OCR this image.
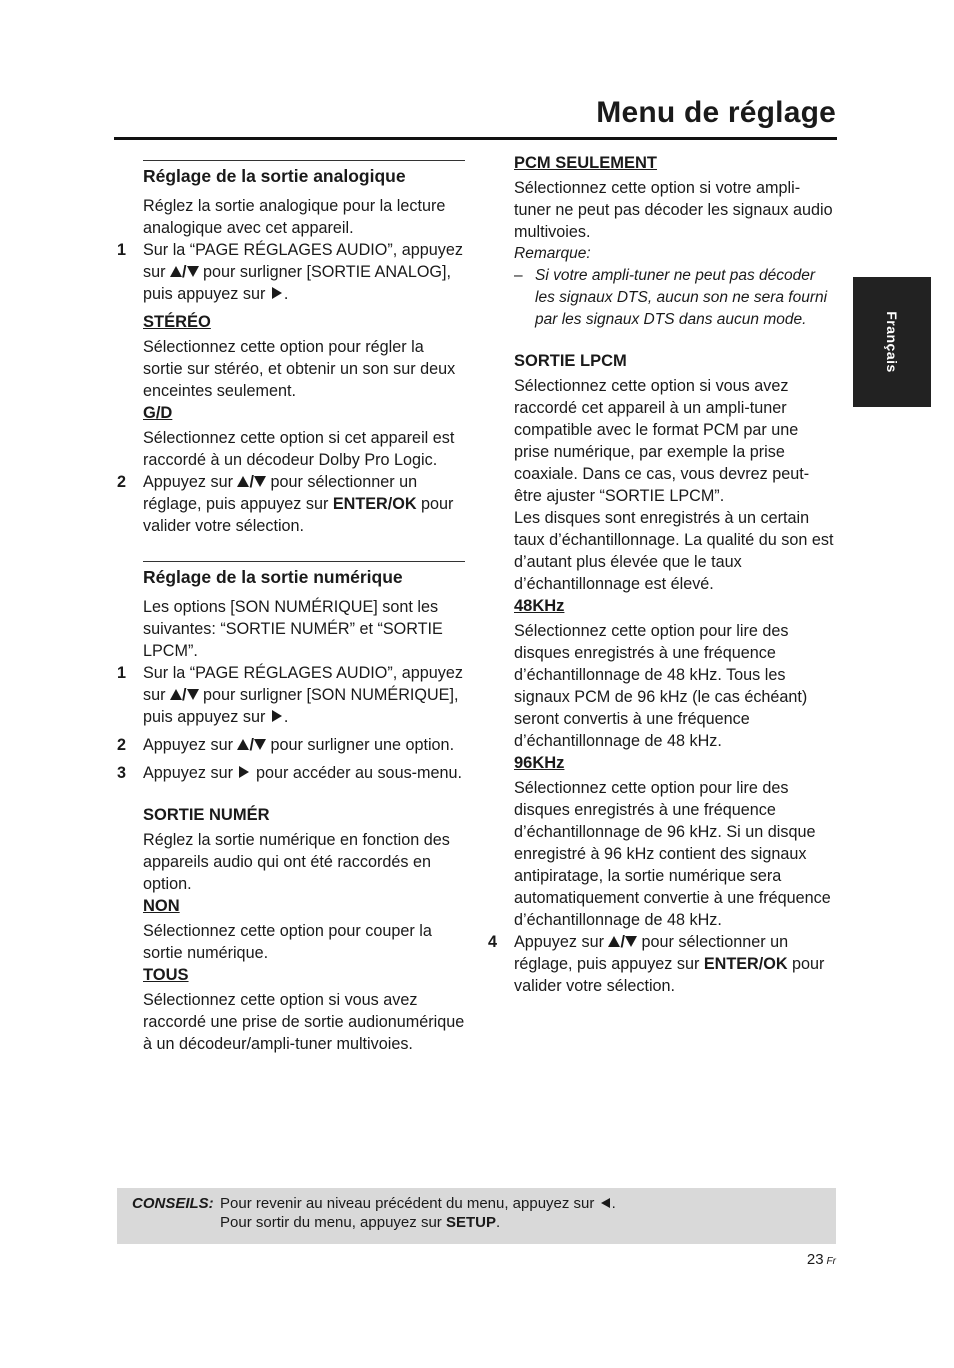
Menu de réglage
Français
Réglage de la sortie analogique

Réglez la sortie analogique pour la lecture analogique avec cet appareil.

1 Sur la “PAGE RÉGLAGES AUDIO”, appuyez sur / pour surligner [SORTIE ANALOG], puis appuyez sur .
STÉRÉO

Sélectionnez cette option pour régler la sortie sur stéréo, et obtenir un son sur deux enceintes seulement.

G/D

Sélectionnez cette option si cet appareil est raccordé à un décodeur Dolby Pro Logic.

2 Appuyez sur / pour sélectionner un réglage, puis appuyez sur ENTER/OK pour valider votre sélection.
Réglage de la sortie numérique

Les options [SON NUMÉRIQUE] sont les suivantes: “SORTIE NUMÉR” et “SORTIE LPCM”.

1 Sur la “PAGE RÉGLAGES AUDIO”, appuyez sur / pour surligner [SON NUMÉRIQUE], puis appuyez sur .
2 Appuyez sur / pour surligner une option.
3 Appuyez sur  pour accéder au sous-menu.
SORTIE NUMÉR

Réglez la sortie numérique en fonction des appareils audio qui ont été raccordés en option.

NON

Sélectionnez cette option pour couper la sortie numérique.

TOUS

Sélectionnez cette option si vous avez raccordé une prise de sortie audionumérique à un décodeur/ampli-tuner multivoies.

PCM SEULEMENT

Sélectionnez cette option si votre ampli-tuner ne peut pas décoder les signaux audio multivoies.

Remarque:
– Si votre ampli-tuner ne peut pas décoder les signaux DTS, aucun son ne sera fourni par les signaux DTS dans aucun mode.
SORTIE LPCM

Sélectionnez cette option si vous avez raccordé cet appareil à un ampli-tuner compatible avec le format PCM par une prise numérique, par exemple la prise coaxiale. Dans ce cas, vous devrez peut-être ajuster “SORTIE LPCM”.

Les disques sont enregistrés à un certain taux d’échantillonnage. La qualité du son est d’autant plus élevée que le taux d’échantillonnage est élevé.

48KHz

Sélectionnez cette option pour lire des disques enregistrés à une fréquence d’échantillonnage de 48 kHz. Tous les signaux PCM de 96 kHz (le cas échéant) seront convertis à une fréquence d’échantillonnage de 48 kHz.

96KHz

Sélectionnez cette option pour lire des disques enregistrés à une fréquence d’échantillonnage de 96 kHz. Si un disque enregistré à 96 kHz contient des signaux antipiratage, la sortie numérique sera automatiquement convertie à une fréquence d’échantillonnage de 48 kHz.

4 Appuyez sur / pour sélectionner un réglage, puis appuyez sur ENTER/OK pour valider votre sélection.
CONSEILS: Pour revenir au niveau précédent du menu, appuyez sur .
Pour sortir du menu, appuyez sur SETUP.
23 Fr
